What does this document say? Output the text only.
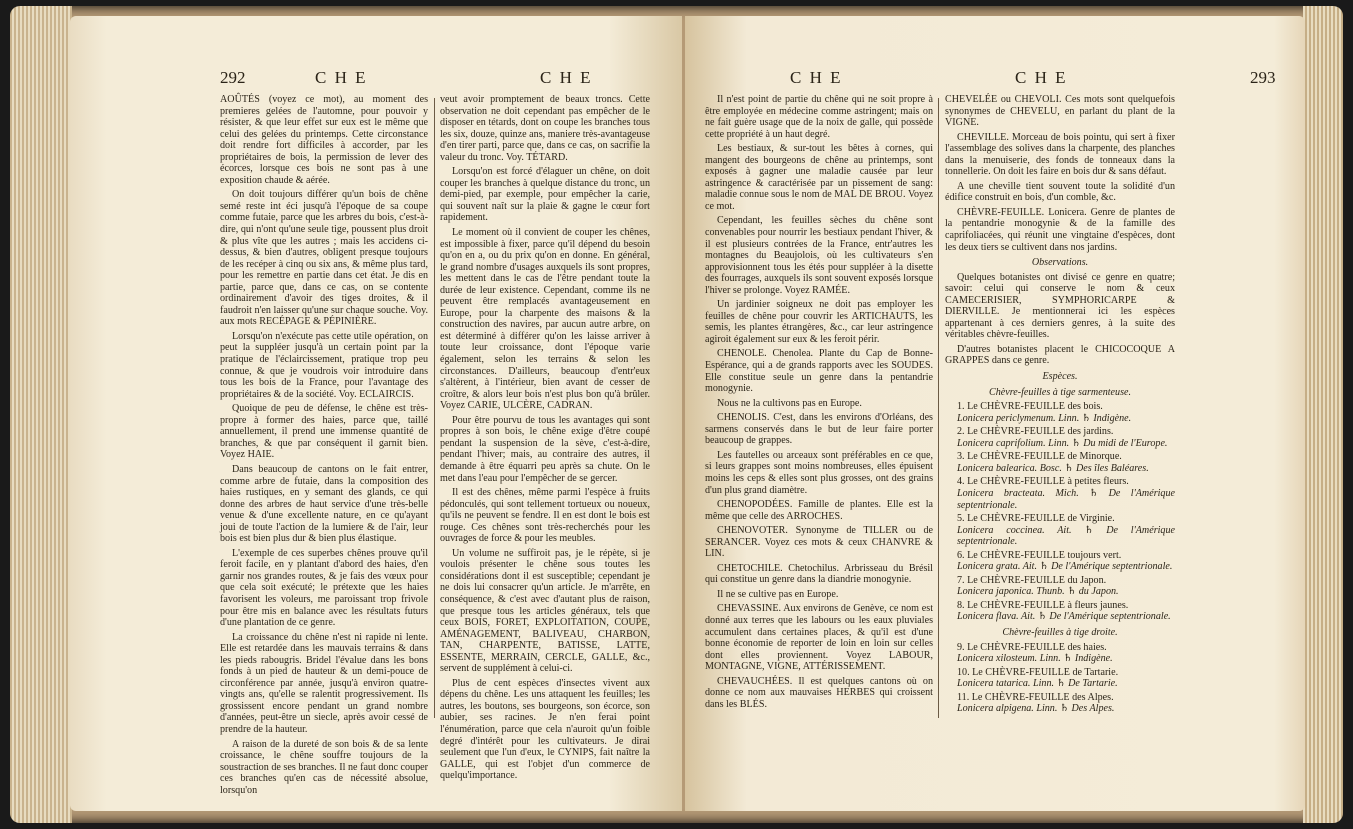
292	C H E	C H E

AOÛTÉS (voyez ce mot), au moment des premieres gelées de l'automne, pour pouvoir y résister, & que leur effet sur eux est le même que celui des gelées du printemps. Cette circonstance doit rendre fort difficiles à accorder, par les propriétaires de bois, la permission de lever des écorces, lorsque ces bois ne sont pas à une exposition chaude & aérée.

On doit toujours différer qu'un bois de chêne semé reste int éci jusqu'à l'époque de sa coupe comme futaie, parce que les arbres du bois, c'est-à-dire, qui n'ont qu'une seule tige, poussent plus droit & plus vîte que les autres ; mais les accidens ci-dessus, & bien d'autres, obligent presque toujours de les recéper à cinq ou six ans, & même plus tard, pour les remettre en partie dans cet état. Je dis en partie, parce que, dans ce cas, on se contente ordinairement d'avoir des tiges droites, & il faudroit n'en laisser qu'une sur chaque souche. Voy. aux mots RECÉPAGE & PÉPINIÈRE.

Lorsqu'on n'exécute pas cette utile opération, on peut la suppléer jusqu'à un certain point par la pratique de l'éclaircissement, pratique trop peu connue, & que je voudrois voir introduire dans tous les bois de la France, pour l'avantage des propriétaires & de la société. Voy. ECLAIRCIS.

Quoique de peu de défense, le chêne est très-propre à former des haies, parce que, taillé annuellement, il prend une immense quantité de branches, & que par conséquent il garnit bien. Voyez HAIE.

Dans beaucoup de cantons on le fait entrer, comme arbre de futaie, dans la composition des haies rustiques, en y semant des glands, ce qui donne des arbres de haut service d'une très-belle venue & d'une excellente nature, en ce qu'ayant joui de toute l'action de la lumiere & de l'air, leur bois est bien plus dur & bien plus élastique.

L'exemple de ces superbes chênes prouve qu'il feroit facile, en y plantant d'abord des haies, d'en garnir nos grandes routes, & je fais des vœux pour que cela soit exécuté; le prétexte que les haies favorisent les voleurs, me paroissant trop frivole pour être mis en balance avec les résultats futurs d'une plantation de ce genre.

La croissance du chêne n'est ni rapide ni lente. Elle est retardée dans les mauvais terrains & dans les pieds rabougris. Bridel l'évalue dans les bons fonds à un pied de hauteur & un demi-pouce de circonférence par année, jusqu'à environ quatre-vingts ans, qu'elle se ralentit progressivement. Ils grossissent encore pendant un grand nombre d'années, peut-être un siecle, après avoir cessé de prendre de la hauteur.

A raison de la dureté de son bois & de sa lente croissance, le chêne souffre toujours de la soustraction de ses branches. Il ne faut donc couper ces branches qu'en cas de nécessité absolue, lorsqu'on

veut avoir promptement de beaux troncs. Cette observation ne doit cependant pas empêcher de le disposer en tétards, dont on coupe les branches tous les six, douze, quinze ans, maniere très-avantageuse d'en tirer parti, parce que, dans ce cas, on sacrifie la valeur du tronc. Voy. TÉTARD.

Lorsqu'on est forcé d'élaguer un chêne, on doit couper les branches à quelque distance du tronc, un demi-pied, par exemple, pour empêcher la carie, qui souvent naît sur la plaie & gagne le cœur fort rapidement.

Le moment où il convient de couper les chênes, est impossible à fixer, parce qu'il dépend du besoin qu'on en a, ou du prix qu'on en donne. En général, le grand nombre d'usages auxquels ils sont propres, les mettent dans le cas de l'être pendant toute la durée de leur existence. Cependant, comme ils ne peuvent être remplacés avantageusement en Europe, pour la charpente des maisons & la construction des navires, par aucun autre arbre, on est déterminé à différer qu'on les laisse arriver à toute leur croissance, dont l'époque varie également, selon les terrains & selon les circonstances. D'ailleurs, beaucoup d'entr'eux s'altèrent, à l'intérieur, bien avant de cesser de croître, & alors leur bois n'est plus bon qu'à brûler. Voyez CARIE, ULCÈRE, CADRAN.

Pour être pourvu de tous les avantages qui sont propres à son bois, le chêne exige d'être coupé pendant la suspension de la sève, c'est-à-dire, pendant l'hiver; mais, au contraire des autres, il demande à être équarri peu après sa chute. On le met dans l'eau pour l'empêcher de se gercer.

Il est des chênes, même parmi l'espèce à fruits pédonculés, qui sont tellement tortueux ou noueux, qu'ils ne peuvent se fendre. Il en est dont le bois est rouge. Ces chênes sont très-recherchés pour les ouvrages de force & pour les meubles.

Un volume ne suffiroit pas, je le répète, si je voulois présenter le chêne sous toutes les considérations dont il est susceptible; cependant je ne dois lui consacrer qu'un article. Je m'arrête, en conséquence, & c'est avec d'autant plus de raison, que presque tous les articles généraux, tels que ceux BOIS, FORET, EXPLOITATION, COUPE, AMÉNAGEMENT, BALIVEAU, CHARBON, TAN, CHARPENTE, BATISSE, LATTE, ESSENTE, MERRAIN, CERCLE, GALLE, &c., servent de supplément à celui-ci.

Plus de cent espèces d'insectes vivent aux dépens du chêne. Les uns attaquent les feuilles; les autres, les boutons, ses bourgeons, son écorce, son aubier, ses racines. Je n'en ferai point l'énumération, parce que cela n'auroit qu'un foible degré d'intérêt pour les cultivateurs. Je dirai seulement que l'un d'eux, le CYNIPS, fait naître la GALLE, qui est l'objet d'un commerce de quelqu'importance.

C H E	C H E	293

Il n'est point de partie du chêne qui ne soit propre à être employée en médecine comme astringent; mais on ne fait guère usage que de la noix de galle, qui possède cette propriété à un haut degré.

Les bestiaux, & sur-tout les bêtes à cornes, qui mangent des bourgeons de chêne au printemps, sont exposés à gagner une maladie causée par leur astringence & caractérisée par un pissement de sang: maladie connue sous le nom de MAL DE BROU. Voyez ce mot.

Cependant, les feuilles sèches du chêne sont convenables pour nourrir les bestiaux pendant l'hiver, & il est plusieurs contrées de la France, entr'autres les montagnes du Beaujolois, où les cultivateurs s'en approvisionnent tous les étés pour suppléer à la disette des fourrages, auxquels ils sont souvent exposés lorsque l'hiver se prolonge. Voyez RAMÉE.

Un jardinier soigneux ne doit pas employer les feuilles de chêne pour couvrir les ARTICHAUTS, les semis, les plantes étrangères, &c., car leur astringence agiroit également sur eux & les feroit périr.

CHENOLE. Chenolea. Plante du Cap de Bonne-Espérance, qui a de grands rapports avec les SOUDES. Elle constitue seule un genre dans la pentandrie monogynie.

Nous ne la cultivons pas en Europe.

CHENOLIS. C'est, dans les environs d'Orléans, des sarmens conservés dans le but de leur faire porter beaucoup de grappes.

Les fautelles ou arceaux sont préférables en ce que, si leurs grappes sont moins nombreuses, elles épuisent moins les ceps & elles sont plus grosses, ont des grains d'un plus grand diamètre.

CHENOPODÉES. Famille de plantes. Elle est la même que celle des ARROCHES.

CHENOVOTER. Synonyme de TILLER ou de SERANCER. Voyez ces mots & ceux CHANVRE & LIN.

CHETOCHILE. Chetochilus. Arbrisseau du Brésil qui constitue un genre dans la diandrie monogynie.

Il ne se cultive pas en Europe.

CHEVASSINE. Aux environs de Genève, ce nom est donné aux terres que les labours ou les eaux pluviales accumulent dans certaines places, & qu'il est d'une bonne économie de reporter de loin en loin sur celles dont elles proviennent. Voyez LABOUR, MONTAGNE, VIGNE, ATTÉRISSEMENT.

CHEVAUCHÉES. Il est quelques cantons où on donne ce nom aux mauvaises HERBES qui croissent dans les BLÉS.

CHEVELÉE ou CHEVOLI. Ces mots sont quelquefois synonymes de CHEVELU, en parlant du plant de la VIGNE.

CHEVILLE. Morceau de bois pointu, qui sert à fixer l'assemblage des solives dans la charpente, des planches dans la menuiserie, des fonds de tonneaux dans la tonnellerie. On doit les faire en bois dur & sans défaut.

A une cheville tient souvent toute la solidité d'un édifice construit en bois, d'un comble, &c.

CHÈVRE-FEUILLE. Lonicera. Genre de plantes de la pentandrie monogynie & de la famille des caprifoliacées, qui réunit une vingtaine d'espèces, dont les deux tiers se cultivent dans nos jardins.

Observations.

Quelques botanistes ont divisé ce genre en quatre; savoir: celui qui conserve le nom & ceux CAMECERISIER, SYMPHORICARPE & DIERVILLE. Je mentionnerai ici les espèces appartenant à ces derniers genres, à la suite des véritables chèvre-feuilles.

D'autres botanistes placent le CHICOCOQUE A GRAPPES dans ce genre.

Espèces.
Chèvre-feuilles à tige sarmenteuse.

1. Le CHÈVRE-FEUILLE des bois.

Lonicera periclymenum. Linn. ♄ Indigène.

2. Le CHÈVRE-FEUILLE des jardins.

Lonicera caprifolium. Linn. ♄ Du midi de l'Europe.

3. Le CHÈVRE-FEUILLE de Minorque.

Lonicera balearica. Bosc. ♄ Des îles Baléares.

4. Le CHÈVRE-FEUILLE à petites fleurs.

Lonicera bracteata. Mich. ♄ De l'Amérique septentrionale.

5. Le CHÈVRE-FEUILLE de Virginie.

Lonicera coccinea. Ait. ♄ De l'Amérique septentrionale.

6. Le CHÈVRE-FEUILLE toujours vert.

Lonicera grata. Ait. ♄ De l'Amérique septentrionale.

7. Le CHÈVRE-FEUILLE du Japon.

Lonicera japonica. Thunb. ♄ du Japon.

8. Le CHÈVRE-FEUILLE à fleurs jaunes.

Lonicera flava. Ait. ♄ De l'Amérique septentrionale.

Chèvre-feuilles à tige droite.

9. Le CHÈVRE-FEUILLE des haies.

Lonicera xilosteum. Linn. ♄ Indigène.

10. Le CHÈVRE-FEUILLE de Tartarie.

Lonicera tatarica. Linn. ♄ De Tartarie.

11. Le CHÈVRE-FEUILLE des Alpes.

Lonicera alpigena. Linn. ♄ Des Alpes.
